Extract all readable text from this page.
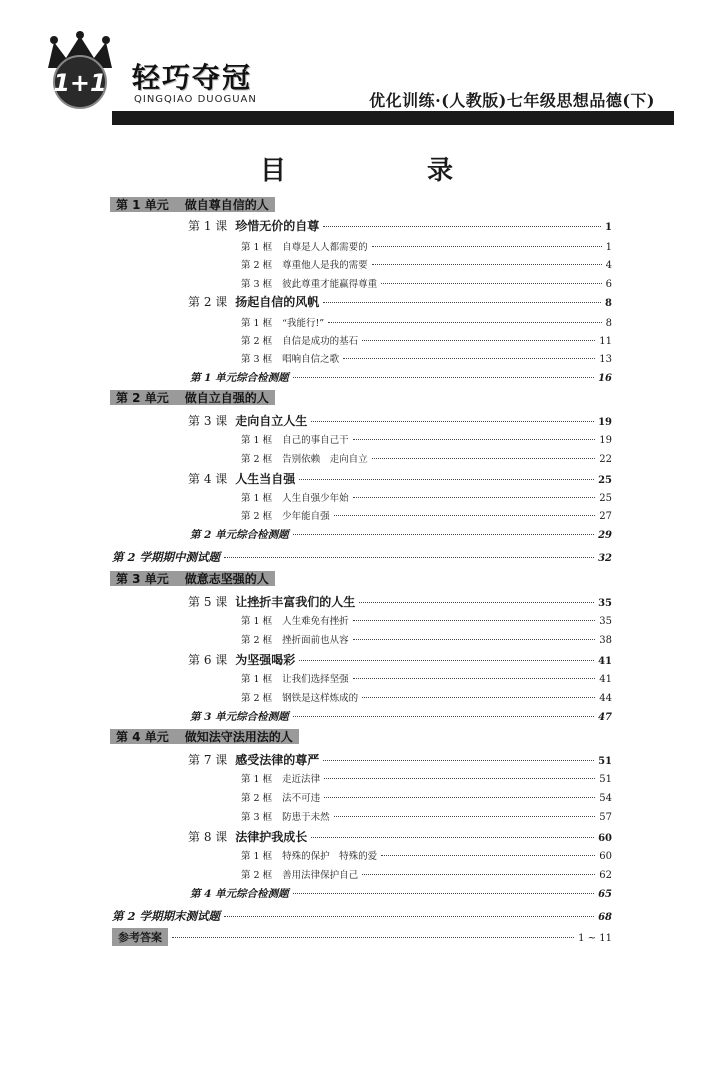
1+1 轻巧夺冠
QINGQIAO DUOGUAN	优化训练·(人教版)七年级思想品德(下)
目 录
第 1 单元 做自尊自信的人
第 1 课 珍惜无价的自尊	1
第 1 框 自尊是人人都需要的	1
第 2 框 尊重他人是我的需要	4
第 3 框 彼此尊重才能赢得尊重	6
第 2 课 扬起自信的风帆	8
第 1 框 “我能行!”	8
第 2 框 自信是成功的基石	11
第 3 框 唱响自信之歌	13
第 1 单元综合检测题	16
第 2 单元 做自立自强的人
第 3 课 走向自立人生	19
第 1 框 自己的事自己干	19
第 2 框 告别依赖　走向自立	22
第 4 课 人生当自强	25
第 1 框 人生自强少年始	25
第 2 框 少年能自强	27
第 2 单元综合检测题	29
第 2 学期期中测试题	32
第 3 单元 做意志坚强的人
第 5 课 让挫折丰富我们的人生	35
第 1 框 人生难免有挫折	35
第 2 框 挫折面前也从容	38
第 6 课 为坚强喝彩	41
第 1 框 让我们选择坚强	41
第 2 框 钢铁是这样炼成的	44
第 3 单元综合检测题	47
第 4 单元 做知法守法用法的人
第 7 课 感受法律的尊严	51
第 1 框 走近法律	51
第 2 框 法不可违	54
第 3 框 防患于未然	57
第 8 课 法律护我成长	60
第 1 框 特殊的保护　特殊的爱	60
第 2 框 善用法律保护自己	62
第 4 单元综合检测题	65
第 2 学期期末测试题	68
参考答案	1 ~ 11
